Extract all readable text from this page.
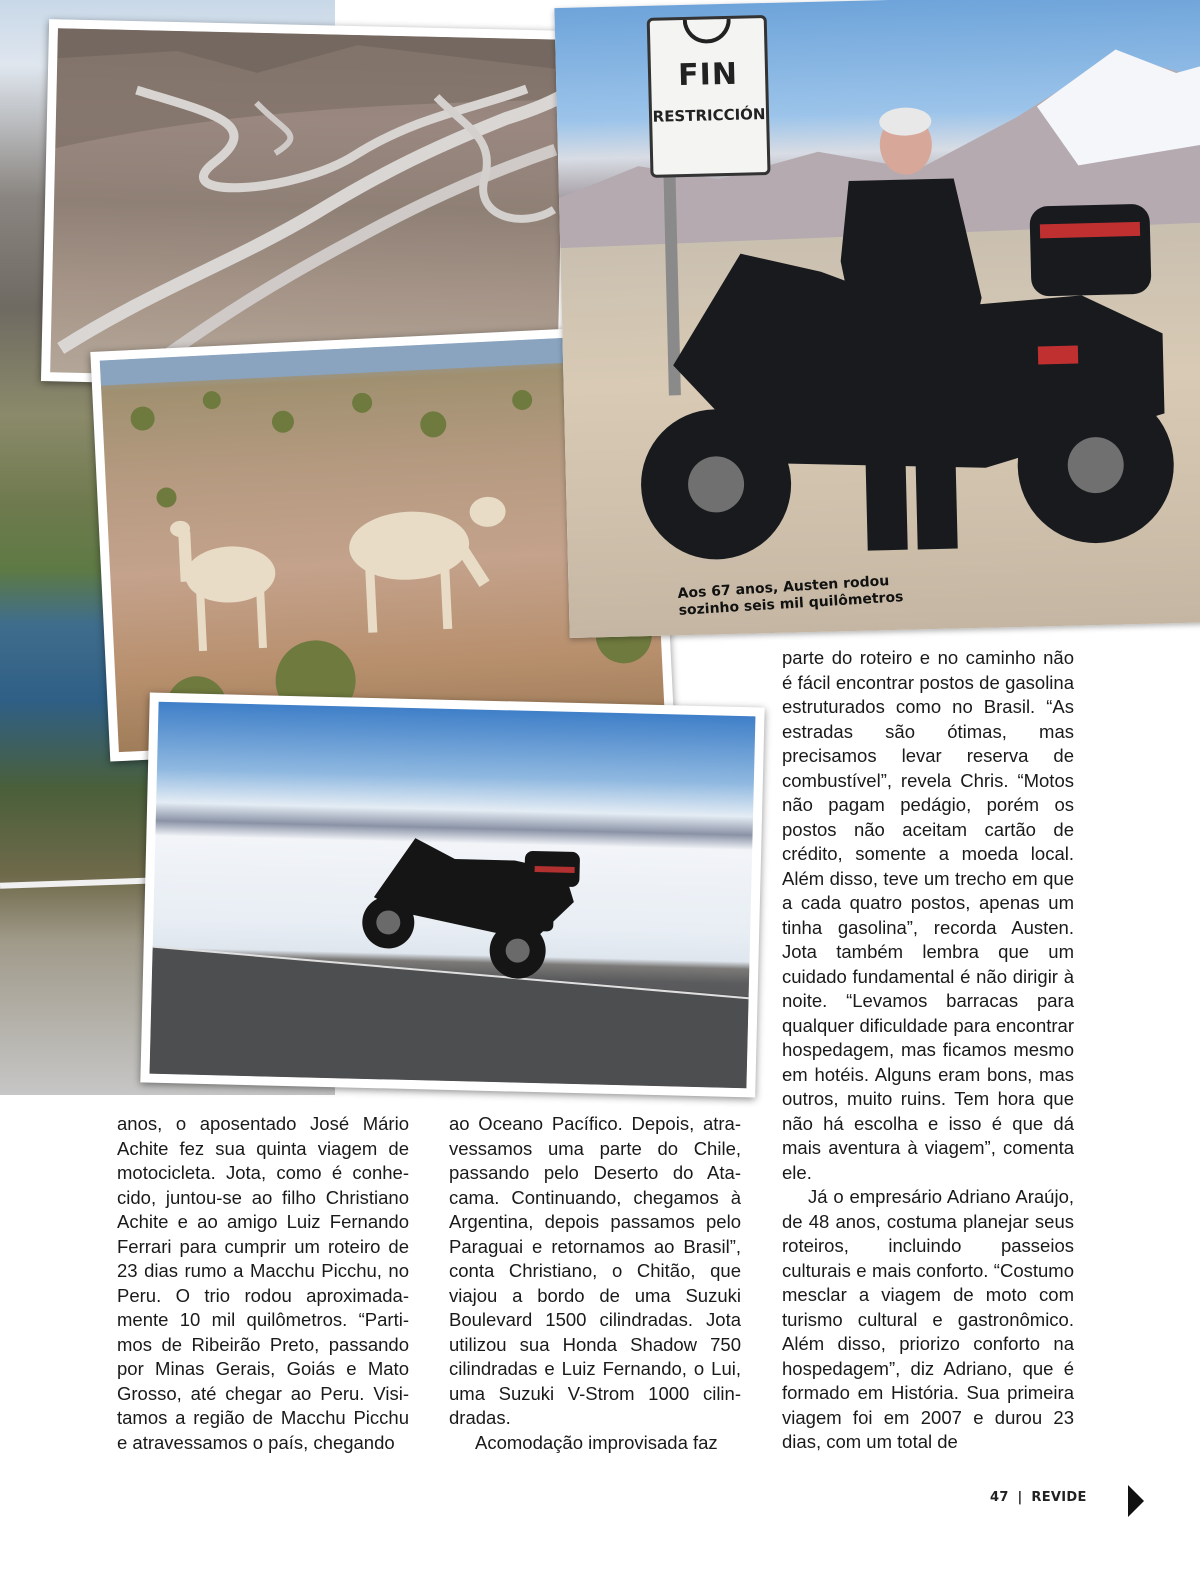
FIN
RESTRICCIÓN
Aos 67 anos, Austen rodou sozinho seis mil quilômetros

parte do roteiro e no caminho não é fácil encontrar postos de gasolina estruturados como no Brasil. “As estradas são ótimas, mas precisamos levar reserva de combustível”, revela Chris. “Motos não pagam pedágio, porém os postos não aceitam cartão de crédito, somente a moeda local. Além disso, teve um trecho em que a cada quatro postos, apenas um tinha gasolina”, recorda Austen. Jota também lembra que um cuidado fundamental é não dirigir à noite. “Levamos barracas para qualquer dificuldade para encontrar hospedagem, mas ficamos mesmo em hotéis. Alguns eram bons, mas outros, muito ruins. Tem hora que não há escolha e isso é que dá mais aventura à viagem”, comenta ele.

Já o empresário Adriano Araújo, de 48 anos, costuma planejar seus roteiros, incluindo passeios culturais e mais conforto. “Costumo mesclar a viagem de moto com turismo cultural e gastronômico. Além disso, priorizo conforto na hospedagem”, diz Adriano, que é formado em História. Sua primeira viagem foi em 2007 e durou 23 dias, com um total de

anos, o aposentado José Mário Achite fez sua quinta viagem de motocicleta. Jota, como é conhecido, juntou-se ao filho Christiano Achite e ao amigo Luiz Fernando Ferrari para cumprir um roteiro de 23 dias rumo a Macchu Picchu, no Peru. O trio rodou aproximadamente 10 mil quilômetros. “Partimos de Ribeirão Preto, passando por Minas Gerais, Goiás e Mato Grosso, até chegar ao Peru. Visitamos a região de Macchu Picchu e atravessamos o país, chegando

ao Oceano Pacífico. Depois, atravessamos uma parte do Chile, passando pelo Deserto do Atacama. Continuando, chegamos à Argentina, depois passamos pelo Paraguai e retornamos ao Brasil”, conta Christiano, o Chitão, que viajou a bordo de uma Suzuki Boulevard 1500 cilindradas. Jota utilizou sua Honda Shadow 750 cilindradas e Luiz Fernando, o Lui, uma Suzuki V-Strom 1000 cilindradas.

Acomodação improvisada faz

47 | REVIDE
